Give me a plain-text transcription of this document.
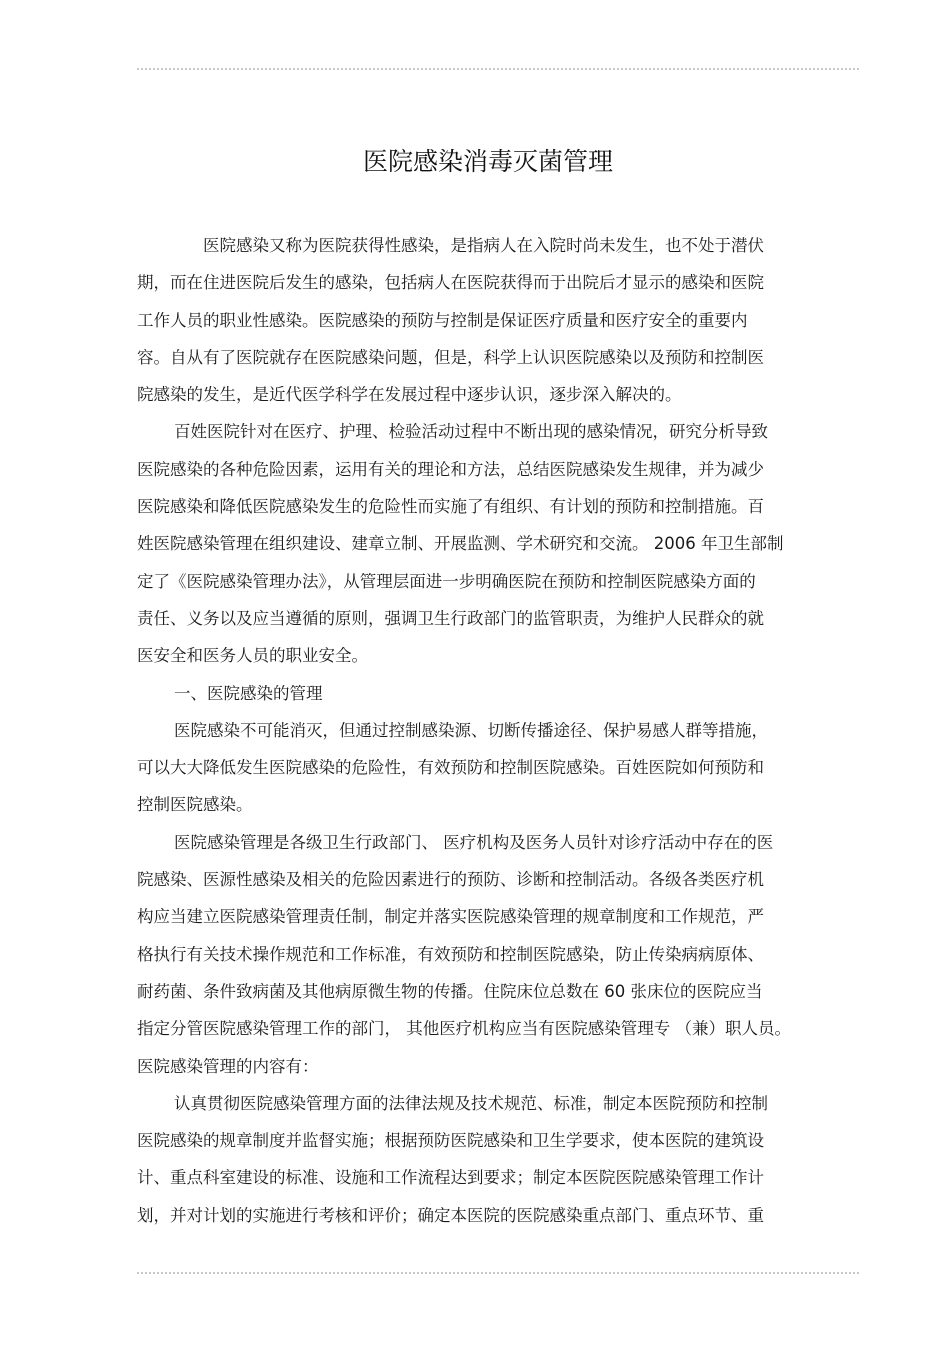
医院感染消毒灭菌管理
医院感染又称为医院获得性感染，是指病人在入院时尚未发生，也不处于潜伏
期，而在住进医院后发生的感染，包括病人在医院获得而于出院后才显示的感染和医院
工作人员的职业性感染。医院感染的预防与控制是保证医疗质量和医疗安全的重要内
容。自从有了医院就存在医院感染问题，但是，科学上认识医院感染以及预防和控制医
院感染的发生，是近代医学科学在发展过程中逐步认识，逐步深入解决的。
百姓医院针对在医疗、护理、检验活动过程中不断出现的感染情况，研究分析导致
医院感染的各种危险因素，运用有关的理论和方法，总结医院感染发生规律，并为减少
医院感染和降低医院感染发生的危险性而实施了有组织、有计划的预防和控制措施。百
姓医院感染管理在组织建设、建章立制、开展监测、学术研究和交流。 2006 年卫生部制
定了《医院感染管理办法》，从管理层面进一步明确医院在预防和控制医院感染方面的
责任、义务以及应当遵循的原则，强调卫生行政部门的监管职责，为维护人民群众的就
医安全和医务人员的职业安全。
一、医院感染的管理
医院感染不可能消灭，但通过控制感染源、切断传播途径、保护易感人群等措施，
可以大大降低发生医院感染的危险性，有效预防和控制医院感染。百姓医院如何预防和
控制医院感染。
医院感染管理是各级卫生行政部门、 医疗机构及医务人员针对诊疗活动中存在的医
院感染、医源性感染及相关的危险因素进行的预防、诊断和控制活动。各级各类医疗机
构应当建立医院感染管理责任制，制定并落实医院感染管理的规章制度和工作规范，严
格执行有关技术操作规范和工作标准，有效预防和控制医院感染，防止传染病病原体、
耐药菌、条件致病菌及其他病原微生物的传播。住院床位总数在 60 张床位的医院应当
指定分管医院感染管理工作的部门， 其他医疗机构应当有医院感染管理专 （兼）职人员。
医院感染管理的内容有：
认真贯彻医院感染管理方面的法律法规及技术规范、标准，制定本医院预防和控制
医院感染的规章制度并监督实施；根据预防医院感染和卫生学要求，使本医院的建筑设
计、重点科室建设的标准、设施和工作流程达到要求；制定本医院医院感染管理工作计
划，并对计划的实施进行考核和评价；确定本医院的医院感染重点部门、重点环节、重
